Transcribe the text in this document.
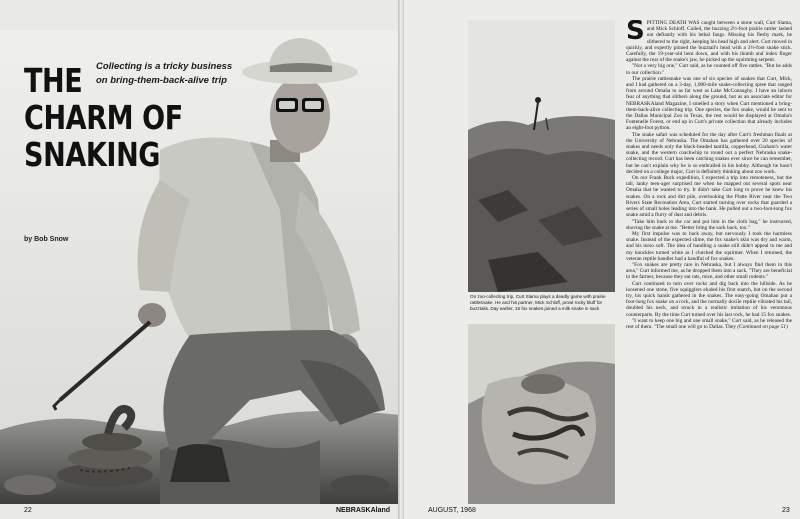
THE
CHARM OF
SNAKING
Collecting is a tricky business
on bring-them-back-alive trip
by Bob Snow
22	NEBRASKAland
On zoo-collecting trip, Curt Slama plays a deadly game with prairie rattlesnake. He and his partner, Mick Schloff, prowl rocky bluff for buzztails. Day earlier, 15 fox snakes joined a milk snake in sack

SPITTING DEATH WAS caught between a stone wall, Curt Slama, and Mick Schloff. Coiled, the buzzing 2½-foot prairie rattler lashed out defiantly with his lethal fangs. Missing his fleshy mark, he slithered to the right, keeping his head high and alert. Curt moved in quickly, and expertly pinned the buzztail's head with a 3½-foot snake stick. Carefully, the 19-year-old bent down, and with his thumb and index finger against the rear of the snake's jaw, he picked up the squirming serpent.

"Not a very big one," Curt said, as he counted off five rattles. "But he adds to our collection."

The prairie rattlesnake was one of six species of snakes that Curt, Mick, and I had gathered on a 3-day, 1,000-mile snake-collecting spree that ranged from around Omaha to as far west as Lake McConaughy. I have an inborn fear of anything that slithers along the ground, but as an associate editor for NEBRASKAland Magazine, I smelled a story when Curt mentioned a bring-them-back-alive collecting trip. One species, the fox snake, would be sent to the Dallas Municipal Zoo in Texas, the rest would be displayed at Omaha's Fontenelle Forest, or end up in Curt's private collection that already includes an eight-foot python.

The snake safari was scheduled for the day after Curt's freshman finals at the University of Nebraska. The Omahan has gathered over 20 species of snakes and needs only the black-headed tantilla, copperhead, Graham's water snake, and the western coachwhip to round out a perfect Nebraska snake-collecting record. Curt has been catching snakes ever since he can remember, but he can't explain why he is so enthralled in his hobby. Although he hasn't decided on a college major, Curt is definitely thinking about zoo work.

On our Frank Buck expedition, I expected a trip into remoteness, but the tall, lanky teen-ager surprised me when he mapped out several spots near Omaha that he wanted to try. It didn't take Curt long to prove he knew his snakes. On a rock and dirt pile, overlooking the Platte River near the Two Rivers State Recreation Area, Curt started turning over rocks that guarded a series of small holes leading into the bank. He pulled out a two-foot-long fox snake amid a flurry of dust and debris.

"Take him back to the car and put him in the cloth bag," he instructed, shoving the snake at me. "Better bring the sack back, too."

My first impulse was to back away, but nervously I took the harmless snake. Instead of the expected slime, the fox snake's skin was dry and warm, and his torso soft. The idea of handling a snake still didn't appeal to me and my knuckles turned white as I clutched the squirmer. When I returned, the veteran reptile handler had a handful of fox snakes.

"Fox snakes are pretty rare in Nebraska, but I always find them in this area," Curt informed me, as he dropped them into a sack. "They are beneficial to the farmer, because they eat rats, mice, and other small rodents."

Curt continued to turn over rocks and dig back into the hillside. As he loosened one stone, five squigglers eluded his first snatch, but on the second try, his quick hands gathered in the snakes. The easy-going Omahan put a foot-long fox snake on a rock, and the normally docile reptile vibrated his tail, doubled his neck, and struck in a realistic imitation of his venomous counterparts. By the time Curt turned over his last rock, he had 15 fox snakes.

"I want to keep one big and one small snake," Curt said, as he released the rest of them. "The small one will go to Dallas. They (Continued on page 51)

AUGUST, 1968	23
